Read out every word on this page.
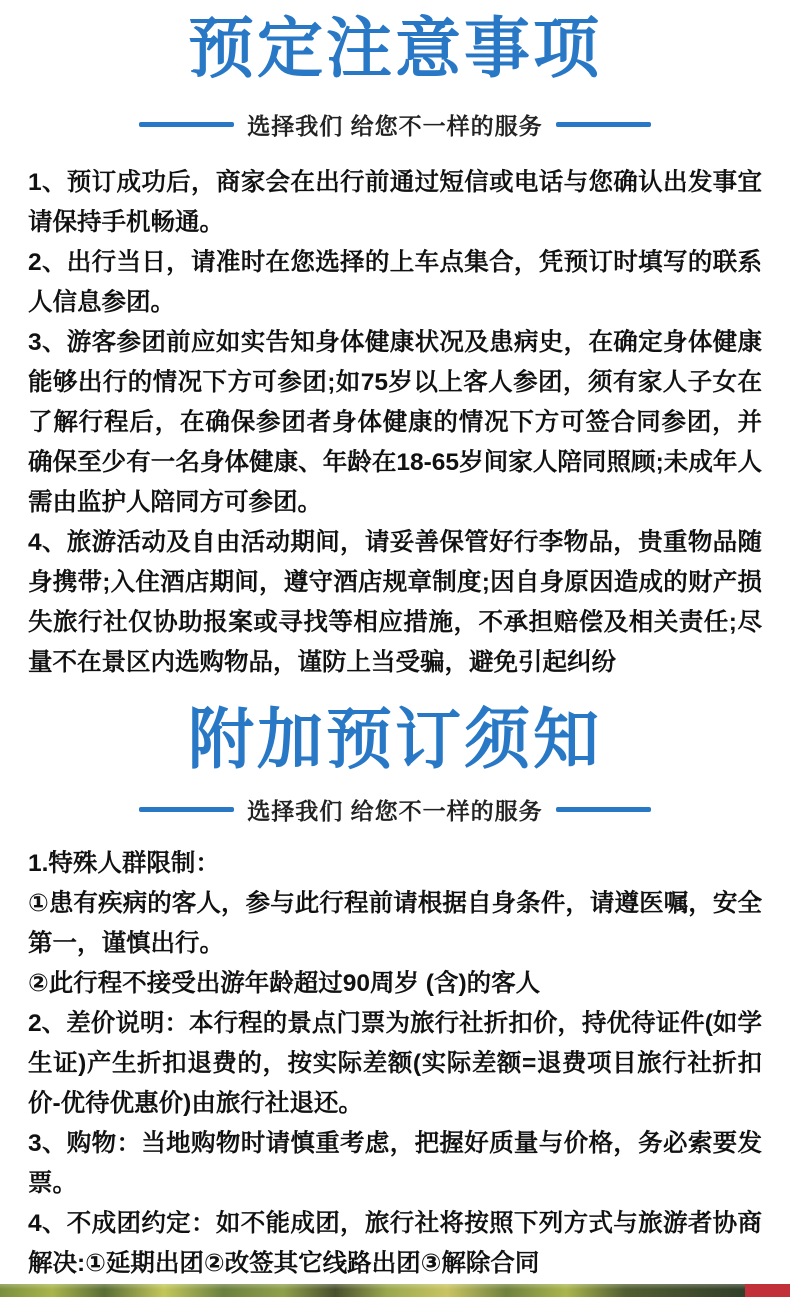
预定注意事项
选择我们 给您不一样的服务

1、预订成功后，商家会在出行前通过短信或电话与您确认出发事宜请保持手机畅通。

2、出行当日，请准时在您选择的上车点集合，凭预订时填写的联系人信息参团。

3、游客参团前应如实告知身体健康状况及患病史，在确定身体健康能够出行的情况下方可参团;如75岁以上客人参团，须有家人子女在了解行程后，在确保参团者身体健康的情况下方可签合同参团，并确保至少有一名身体健康、年龄在18-65岁间家人陪同照顾;未成年人需由监护人陪同方可参团。

4、旅游活动及自由活动期间，请妥善保管好行李物品，贵重物品随身携带;入住酒店期间，遵守酒店规章制度;因自身原因造成的财产损失旅行社仅协助报案或寻找等相应措施，不承担赔偿及相关责任;尽量不在景区内选购物品，谨防上当受骗，避免引起纠纷

附加预订须知
选择我们 给您不一样的服务

1.特殊人群限制：

①患有疾病的客人，参与此行程前请根据自身条件，请遵医嘱，安全第一，谨慎出行。

②此行程不接受出游年龄超过90周岁 (含)的客人

2、差价说明：本行程的景点门票为旅行社折扣价，持优待证件(如学生证)产生折扣退费的，按实际差额(实际差额=退费项目旅行社折扣价-优待优惠价)由旅行社退还。

3、购物：当地购物时请慎重考虑，把握好质量与价格，务必索要发票。

4、不成团约定：如不能成团，旅行社将按照下列方式与旅游者协商解决:①延期出团②改签其它线路出团③解除合同
